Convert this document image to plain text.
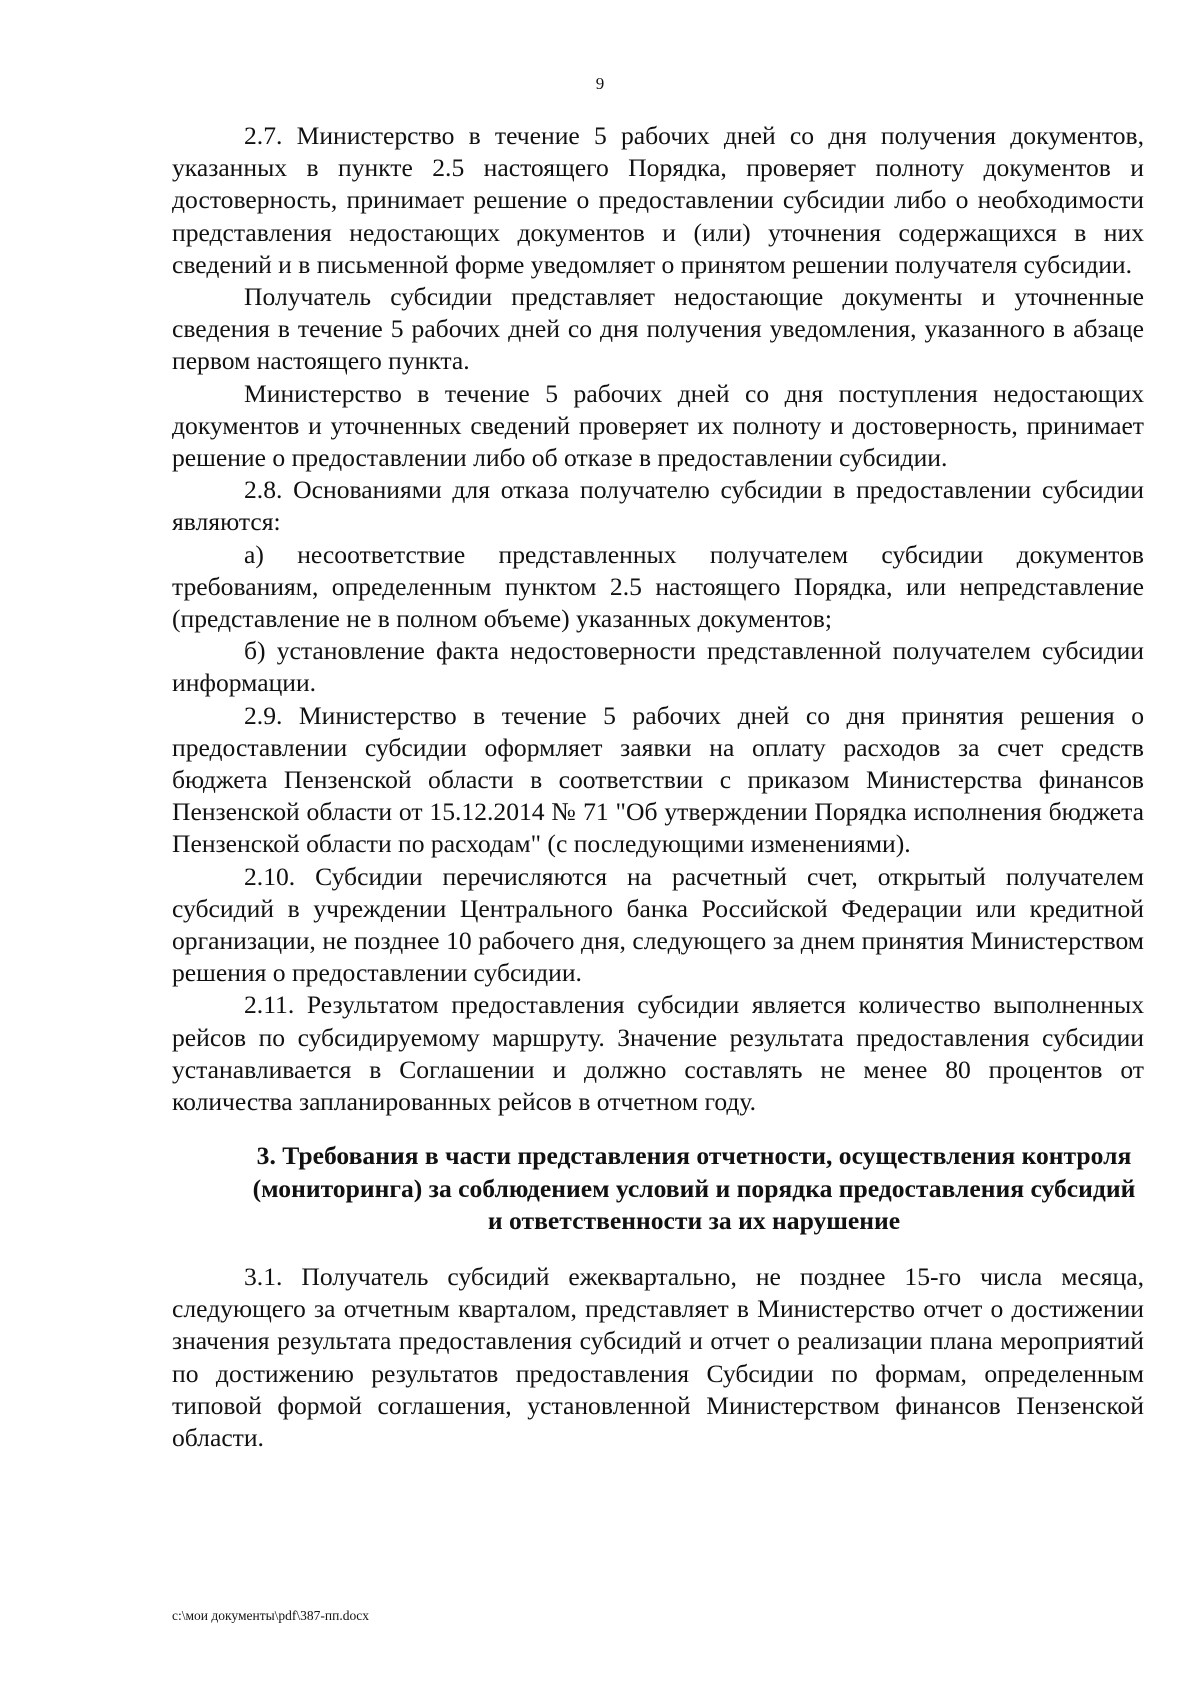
9

2.7. Министерство в течение 5 рабочих дней со дня получения документов, указанных в пункте 2.5 настоящего Порядка, проверяет полноту документов и достоверность, принимает решение о предоставлении субсидии либо о необходимости представления недостающих документов и (или) уточнения содержащихся в них сведений и в письменной форме уведомляет о принятом решении получателя субсидии.

Получатель субсидии представляет недостающие документы и уточненные сведения в течение 5 рабочих дней со дня получения уведомления, указанного в абзаце первом настоящего пункта.

Министерство в течение 5 рабочих дней со дня поступления недостающих документов и уточненных сведений проверяет их полноту и достоверность, принимает решение о предоставлении либо об отказе в предоставлении субсидии.

2.8. Основаниями для отказа получателю субсидии в предоставлении субсидии являются:

а) несоответствие представленных получателем субсидии документов требованиям, определенным пунктом 2.5 настоящего Порядка, или непредставление (представление не в полном объеме) указанных документов;

б) установление факта недостоверности представленной получателем субсидии информации.

2.9. Министерство в течение 5 рабочих дней со дня принятия решения о предоставлении субсидии оформляет заявки на оплату расходов за счет средств бюджета Пензенской области в соответствии с приказом Министерства финансов Пензенской области от 15.12.2014 № 71 "Об утверждении Порядка исполнения бюджета Пензенской области по расходам" (с последующими изменениями).

2.10. Субсидии перечисляются на расчетный счет, открытый получателем субсидий в учреждении Центрального банка Российской Федерации или кредитной организации, не позднее 10 рабочего дня, следующего за днем принятия Министерством решения о предоставлении субсидии.

2.11. Результатом предоставления субсидии является количество выполненных рейсов по субсидируемому маршруту. Значение результата предоставления субсидии устанавливается в Соглашении и должно составлять не менее 80 процентов от количества запланированных рейсов в отчетном году.

3. Требования в части представления отчетности, осуществления контроля (мониторинга) за соблюдением условий и порядка предоставления субсидий и ответственности за их нарушение

3.1. Получатель субсидий ежеквартально, не позднее 15-го числа месяца, следующего за отчетным кварталом, представляет в Министерство отчет о достижении значения результата предоставления субсидий и отчет о реализации плана мероприятий по достижению результатов предоставления Субсидии по формам, определенным типовой формой соглашения, установленной Министерством финансов Пензенской области.

c:\мои документы\pdf\387-пп.docx
